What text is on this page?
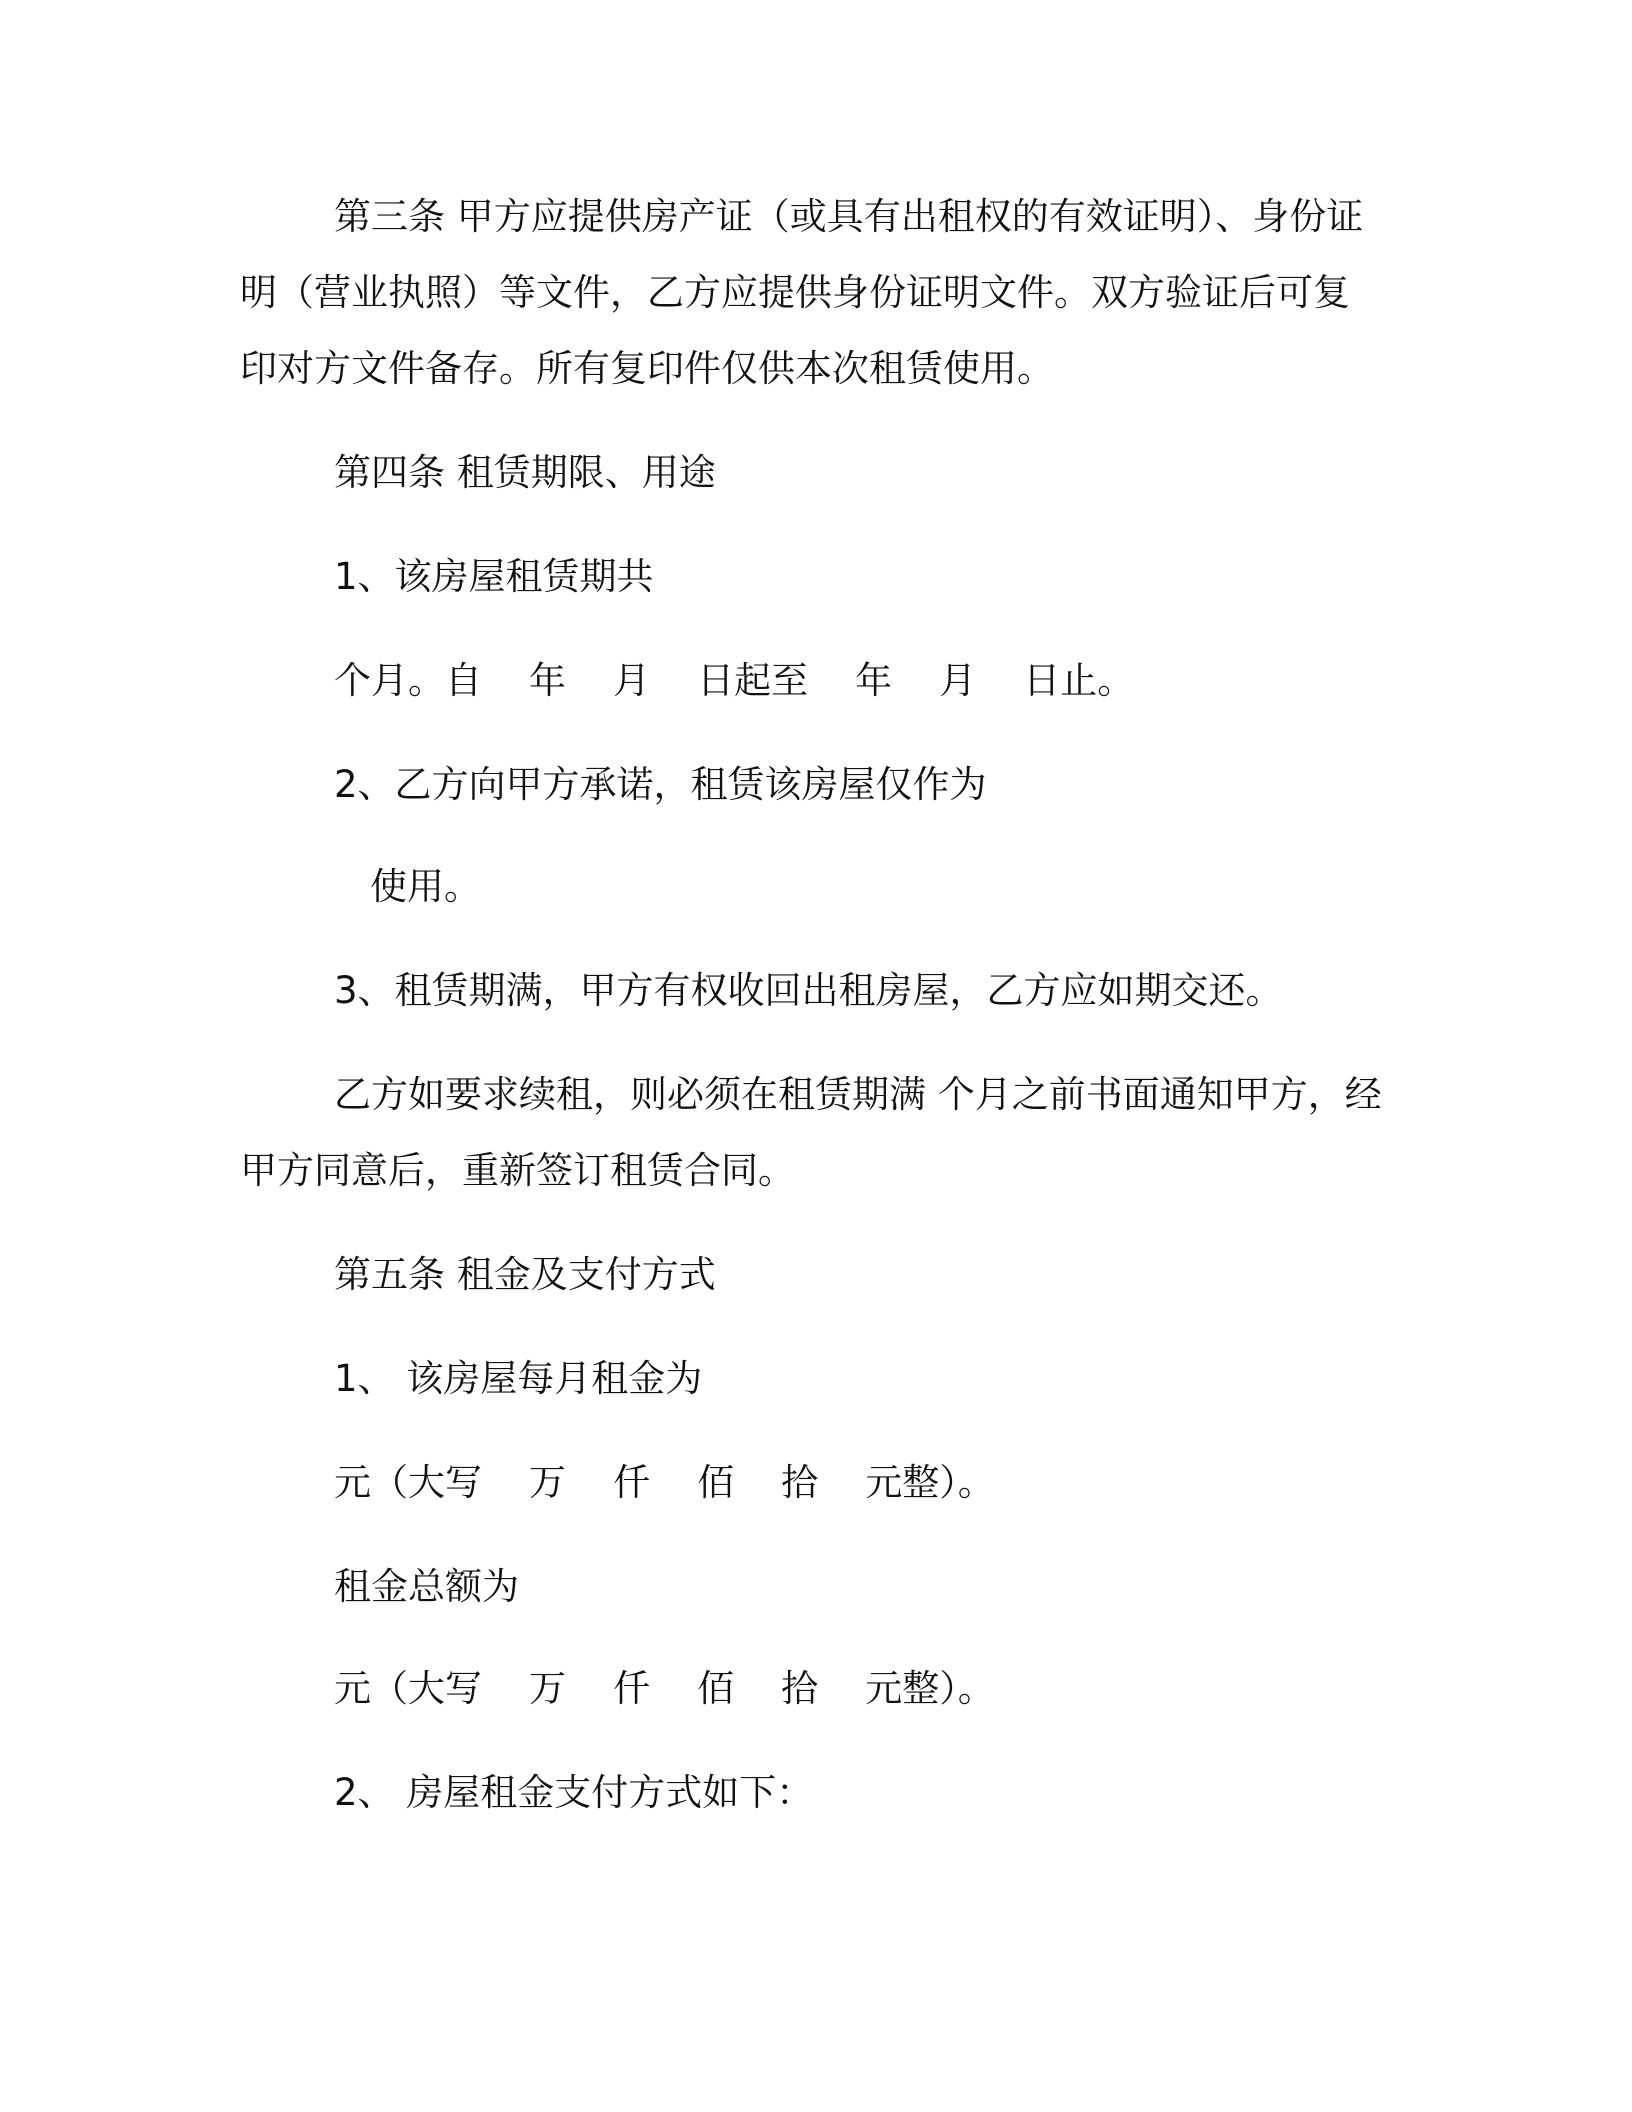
第三条 甲方应提供房产证（或具有出租权的有效证明）、身份证
明（营业执照）等文件，乙方应提供身份证明文件。双方验证后可复
印对方文件备存。所有复印件仅供本次租赁使用。
第四条 租赁期限、用途
1、该房屋租赁期共
个月。自    年    月    日起至    年    月    日止。
2、乙方向甲方承诺，租赁该房屋仅作为
使用。
3、租赁期满，甲方有权收回出租房屋，乙方应如期交还。
乙方如要求续租，则必须在租赁期满 个月之前书面通知甲方，经
甲方同意后，重新签订租赁合同。
第五条 租金及支付方式
1、 该房屋每月租金为
元（大写    万    仟    佰    拾    元整）。
租金总额为
元（大写    万    仟    佰    拾    元整）。
2、 房屋租金支付方式如下：
